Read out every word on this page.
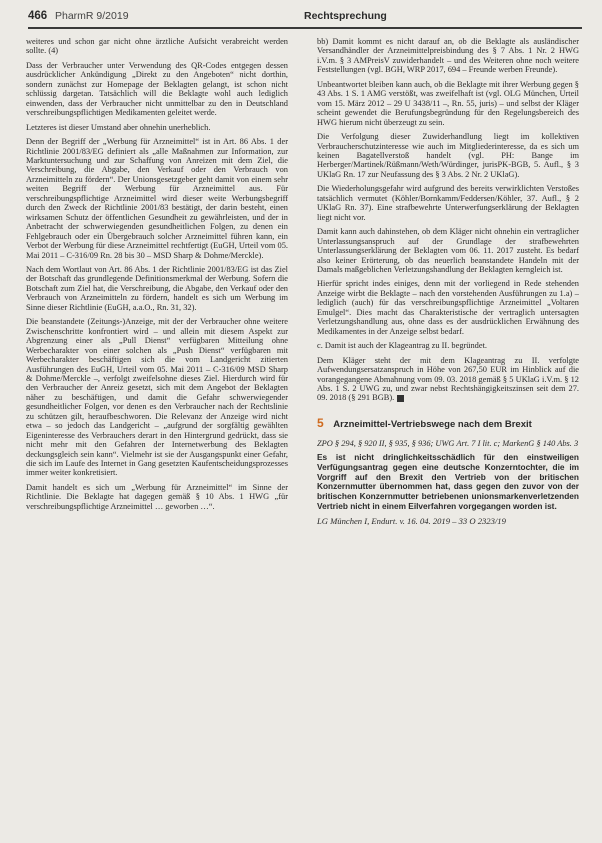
466 PharmR 9/2019	Rechtsprechung

weiteres und schon gar nicht ohne ärztliche Aufsicht verabreicht werden sollte. (4)

Dass der Verbraucher unter Verwendung des QR-Codes entgegen dessen ausdrücklicher Ankündigung „Direkt zu den Angeboten“ nicht dorthin, sondern zunächst zur Homepage der Beklagten gelangt, ist schon nicht schlüssig dargetan. Tatsächlich will die Beklagte wohl auch lediglich einwenden, dass der Verbraucher nicht unmittelbar zu den in Deutschland verschreibungspflichtigen Medikamenten geleitet werde.

Letzteres ist dieser Umstand aber ohnehin unerheblich.

Denn der Begriff der „Werbung für Arzneimittel“ ist in Art. 86 Abs. 1 der Richtlinie 2001/83/EG definiert als „alle Maßnahmen zur Information, zur Marktuntersuchung und zur Schaffung von Anreizen mit dem Ziel, die Verschreibung, die Abgabe, den Verkauf oder den Verbrauch von Arzneimitteln zu fördern“. Der Unionsgesetzgeber geht damit von einem sehr weiten Begriff der Werbung für Arzneimittel aus. Für verschreibungspflichtige Arzneimittel wird dieser weite Werbungsbegriff durch den Zweck der Richtlinie 2001/83 bestätigt, der darin besteht, einen wirksamen Schutz der öffentlichen Gesundheit zu gewährleisten, und der in Anbetracht der schwerwiegenden gesundheitlichen Folgen, zu denen ein Fehlgebrauch oder ein Übergebrauch solcher Arzneimittel führen kann, ein Verbot der Werbung für diese Arzneimittel rechtfertigt (EuGH, Urteil vom 05. Mai 2011 – C-316/09 Rn. 28 bis 30 – MSD Sharp & Dohme/Merckle).

Nach dem Wortlaut von Art. 86 Abs. 1 der Richtlinie 2001/83/EG ist das Ziel der Botschaft das grundlegende Definitionsmerkmal der Werbung. Sofern die Botschaft zum Ziel hat, die Verschreibung, die Abgabe, den Verkauf oder den Verbrauch von Arzneimitteln zu fördern, handelt es sich um Werbung im Sinne dieser Richtlinie (EuGH, a.a.O., Rn. 31, 32).

Die beanstandete (Zeitungs-)Anzeige, mit der der Verbraucher ohne weitere Zwischenschritte konfrontiert wird – und allein mit diesem Aspekt zur Abgrenzung einer als „Pull Dienst“ verfügbaren Mitteilung ohne Werbecharakter von einer solchen als „Push Dienst“ verfügbaren mit Werbecharakter beschäftigen sich die vom Landgericht zitierten Ausführungen des EuGH, Urteil vom 05. Mai 2011 – C-316/09 MSD Sharp & Dohme/Merckle –, verfolgt zweifelsohne dieses Ziel. Hierdurch wird für den Verbraucher der Anreiz gesetzt, sich mit dem Angebot der Beklagten näher zu beschäftigen, und damit die Gefahr schwerwiegender gesundheitlicher Folgen, vor denen es den Verbraucher nach der Rechtslinie zu schützen gilt, heraufbeschworen. Die Relevanz der Anzeige wird nicht etwa – so jedoch das Landgericht – „aufgrund der sorgfältig gewählten Eigeninteresse des Verbrauchers derart in den Hintergrund gedrückt, dass sie nicht mehr mit den Gefahren der Internetwerbung des Beklagten deckungsgleich sein kann“. Vielmehr ist sie der Ausgangspunkt einer Gefahr, die sich im Laufe des Internet in Gang gesetzten Kaufentscheidungsprozesses immer weiter konkretisiert.

Damit handelt es sich um „Werbung für Arzneimittel“ im Sinne der Richtlinie. Die Beklagte hat dagegen gemäß § 10 Abs. 1 HWG „für verschreibungspflichtige Arzneimittel … geworben …“.

bb) Damit kommt es nicht darauf an, ob die Beklagte als ausländischer Versandhändler der Arzneimittelpreisbindung des § 7 Abs. 1 Nr. 2 HWG i.V.m. § 3 AMPreisV zuwiderhandelt – und des Weiteren ohne noch weitere Feststellungen (vgl. BGH, WRP 2017, 694 – Freunde werben Freunde).

Unbeantwortet bleiben kann auch, ob die Beklagte mit ihrer Werbung gegen § 43 Abs. 1 S. 1 AMG verstößt, was zweifelhaft ist (vgl. OLG München, Urteil vom 15. März 2012 – 29 U 3438/11 –, Rn. 55, juris) – und selbst der Kläger scheint gewendet die Berufungsbegründung für den Regelungsbereich des HWG hierum nicht überzeugt zu sein.

Die Verfolgung dieser Zuwiderhandlung liegt im kollektiven Verbraucherschutzinteresse wie auch im Mitgliederinteresse, da es sich um keinen Bagatellverstoß handelt (vgl. PH: Bange im Herberger/Martinek/Rüßmann/Weth/Würdinger, jurisPK-BGB, 5. Aufl., § 3 UKlaG Rn. 17 zur Neufassung des § 3 Abs. 2 Nr. 2 UKlaG).

Die Wiederholungsgefahr wird aufgrund des bereits verwirklichten Verstoßes tatsächlich vermutet (Köhler/Bornkamm/Feddersen/Köhler, 37. Aufl., § 2 UKlaG Rn. 37). Eine strafbewehrte Unterwerfungserklärung der Beklagten liegt nicht vor.

Damit kann auch dahinstehen, ob dem Kläger nicht ohnehin ein vertraglicher Unterlassungsanspruch auf der Grundlage der strafbewehrten Unterlassungserklärung der Beklagten vom 06. 11. 2017 zusteht. Es bedarf also keiner Erörterung, ob das neuerlich beanstandete Handeln mit der Damals maßgeblichen Verletzungshandlung der Beklagten kerngleich ist.

Hierfür spricht indes einiges, denn mit der vorliegend in Rede stehenden Anzeige wirbt die Beklagte – nach den vorstehenden Ausführungen zu 1.a) – lediglich (auch) für das verschreibungspflichtige Arzneimittel „Voltaren Emulgel“. Dies macht das Charakteristische der vertraglich untersagten Verletzungshandlung aus, ohne dass es der ausdrücklichen Erwähnung des Medikamentes in der Anzeige selbst bedarf.

c. Damit ist auch der Klageantrag zu II. begründet.

Dem Kläger steht der mit dem Klageantrag zu II. verfolgte Aufwendungsersatzanspruch in Höhe von 267,50 EUR im Hinblick auf die vorangegangene Abmahnung vom 09. 03. 2018 gemäß § 5 UKlaG i.V.m. § 12 Abs. 1 S. 2 UWG zu, und zwar nebst Rechtshängigkeitszinsen seit dem 27. 09. 2018 (§ 291 BGB).

5 Arzneimittel-Vertriebswege nach dem Brexit

ZPO § 294, § 920 II, § 935, § 936; UWG Art. 7 I lit. c; MarkenG § 140 Abs. 3

Es ist nicht dringlichkeitsschädlich für den einstweiligen Verfügungsantrag gegen eine deutsche Konzerntochter, die im Vorgriff auf den Brexit den Vertrieb von der britischen Konzernmutter übernommen hat, dass gegen den zuvor von der britischen Konzernmutter betriebenen unionsmarkenverletzenden Vertrieb nicht in einem Eilverfahren vorgegangen worden ist.

LG München I, Endurt. v. 16. 04. 2019 – 33 O 2323/19
